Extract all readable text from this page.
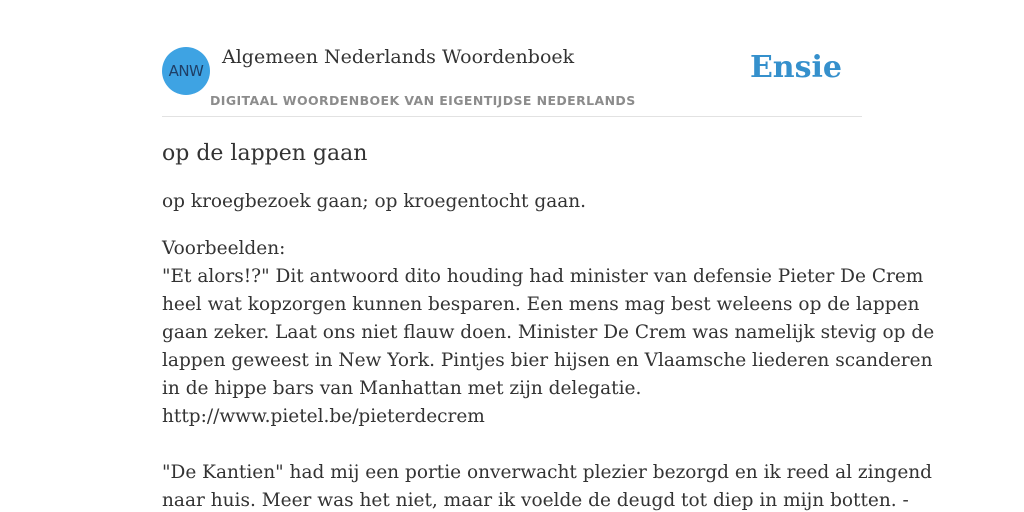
ANW
Algemeen Nederlands Woordenboek
DIGITAAL WOORDENBOEK VAN EIGENTIJDSE NEDERLANDS
Ensie
op de lappen gaan

op kroegbezoek gaan; op kroegentocht gaan.

Voorbeelden:
"Et alors!?" Dit antwoord dito houding had minister van defensie Pieter De Crem
heel wat kopzorgen kunnen besparen. Een mens mag best weleens op de lappen
gaan zeker. Laat ons niet flauw doen. Minister De Crem was namelijk stevig op de
lappen geweest in New York. Pintjes bier hijsen en Vlaamsche liederen scanderen
in de hippe bars van Manhattan met zijn delegatie.
http://www.pietel.be/pieterdecrem
"De Kantien" had mij een portie onverwacht plezier bezorgd en ik reed al zingend
naar huis. Meer was het niet, maar ik voelde de deugd tot diep in mijn botten. -
